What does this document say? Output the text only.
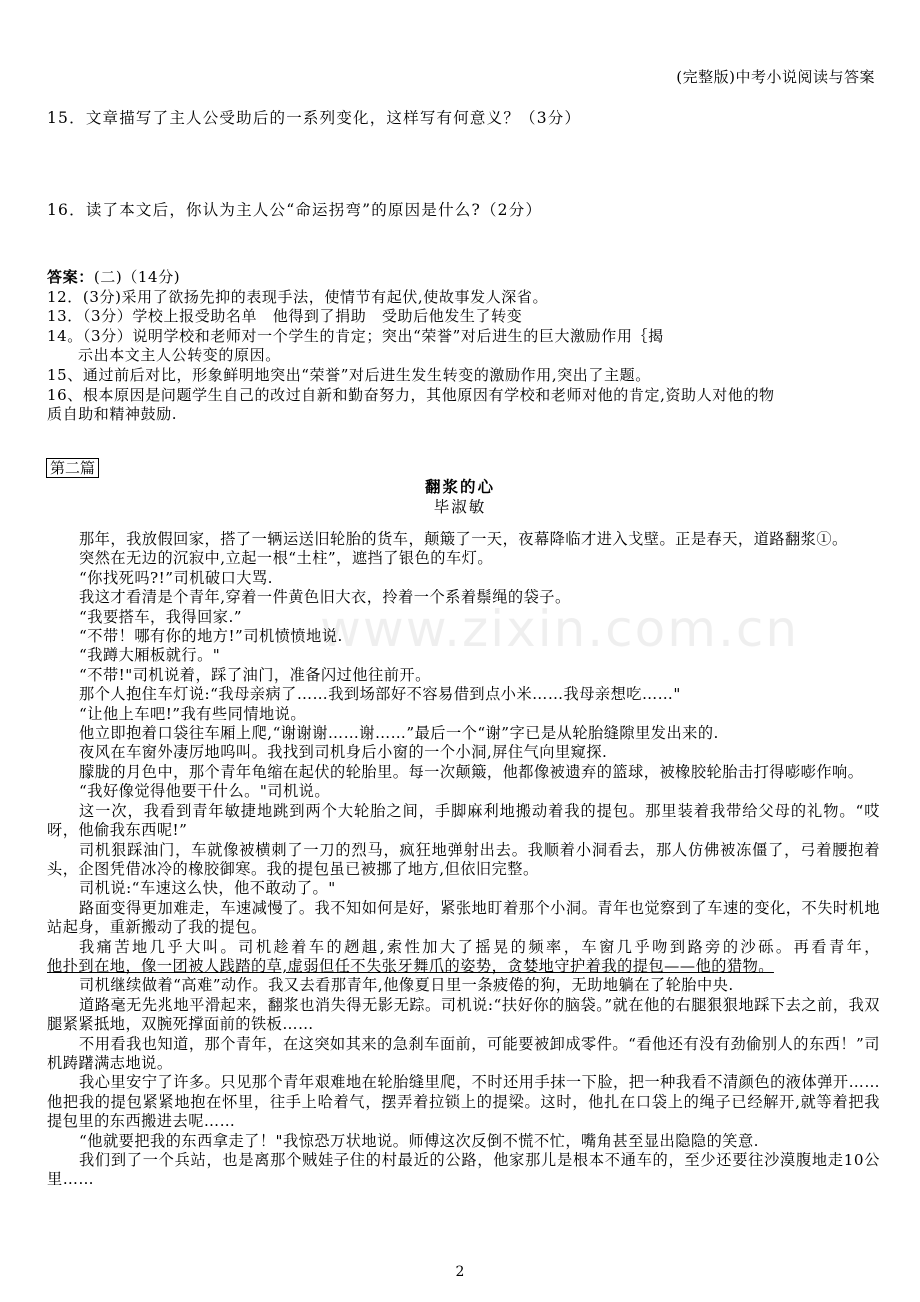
www.zixin.com.cn
(完整版)中考小说阅读与答案
15．文章描写了主人公受助后的一系列变化，这样写有何意义？（3分）
16．读了本文后，你认为主人公“命运拐弯”的原因是什么?（2分）
答案：(二)（14分)
12．(3分)采用了欲扬先抑的表现手法，使情节有起伏,使故事发人深省。
13．（3分）学校上报受助名单　他得到了捐助　受助后他发生了转变
14。（3分）说明学校和老师对一个学生的肯定；突出“荣誉”对后进生的巨大激励作用｛揭
示出本文主人公转变的原因。
15、通过前后对比，形象鲜明地突出“荣誉”对后进生发生转变的激励作用,突出了主题。
16、根本原因是问题学生自己的改过自新和勤奋努力，其他原因有学校和老师对他的肯定,资助人对他的物
质自助和精神鼓励.
第二篇
翻浆的心
毕淑敏

那年，我放假回家，搭了一辆运送旧轮胎的货车，颠簸了一天，夜幕降临才进入戈壁。正是春天，道路翻浆①。

突然在无边的沉寂中,立起一根“土柱”，遮挡了银色的车灯。

“你找死吗?!”司机破口大骂.

我这才看清是个青年,穿着一件黄色旧大衣，拎着一个系着鬃绳的袋子。

“我要搭车，我得回家.”

“不带！哪有你的地方!”司机愤愤地说.

“我蹲大厢板就行。"

“不带!"司机说着，踩了油门，准备闪过他往前开。

那个人抱住车灯说:“我母亲病了……我到场部好不容易借到点小米……我母亲想吃……"

“让他上车吧!”我有些同情地说。

他立即抱着口袋往车厢上爬,“谢谢谢……谢……”最后一个“谢”字已是从轮胎缝隙里发出来的.

夜风在车窗外凄厉地呜叫。我找到司机身后小窗的一个小洞,屏住气向里窥探.

朦胧的月色中，那个青年龟缩在起伏的轮胎里。每一次颠簸，他都像被遗弃的篮球，被橡胶轮胎击打得嘭嘭作响。

“我好像觉得他要干什么。"司机说。

这一次，我看到青年敏捷地跳到两个大轮胎之间，手脚麻利地搬动着我的提包。那里装着我带给父母的礼物。“哎呀，他偷我东西呢!”

司机狠踩油门，车就像被横刺了一刀的烈马，疯狂地弹射出去。我顺着小洞看去，那人仿佛被冻僵了，弓着腰抱着头，企图凭借冰冷的橡胶御寒。我的提包虽已被挪了地方,但依旧完整。

司机说:“车速这么快，他不敢动了。"

路面变得更加难走，车速减慢了。我不知如何是好，紧张地盯着那个小洞。青年也觉察到了车速的变化，不失时机地站起身，重新搬动了我的提包。

我痛苦地几乎大叫。司机趁着车的趔趄,索性加大了摇晃的频率，车窗几乎吻到路旁的沙砾。再看青年，

他扑到在地，像一团被人践踏的草,虚弱但任不失张牙舞爪的姿势，贪婪地守护着我的提包——他的猎物。

司机继续做着“高难”动作。我又去看那青年,他像夏日里一条疲倦的狗，无助地躺在了轮胎中央.

道路毫无先兆地平滑起来，翻浆也消失得无影无踪。司机说:“扶好你的脑袋。”就在他的右腿狠狠地踩下去之前，我双腿紧紧抵地，双腕死撑面前的铁板……

不用看我也知道，那个青年，在这突如其来的急刹车面前，可能要被卸成零件。“看他还有没有劲偷别人的东西！”司机踌躇满志地说。

我心里安宁了许多。只见那个青年艰难地在轮胎缝里爬，不时还用手抹一下脸，把一种我看不清颜色的液体弹开……他把我的提包紧紧地抱在怀里，往手上哈着气，摆弄着拉锁上的提梁。这时，他扎在口袋上的绳子已经解开,就等着把我提包里的东西搬进去呢……

“他就要把我的东西拿走了！"我惊恐万状地说。师傅这次反倒不慌不忙，嘴角甚至显出隐隐的笑意.

我们到了一个兵站，也是离那个贼娃子住的村最近的公路，他家那儿是根本不通车的，至少还要往沙漠腹地走10公里……

2
